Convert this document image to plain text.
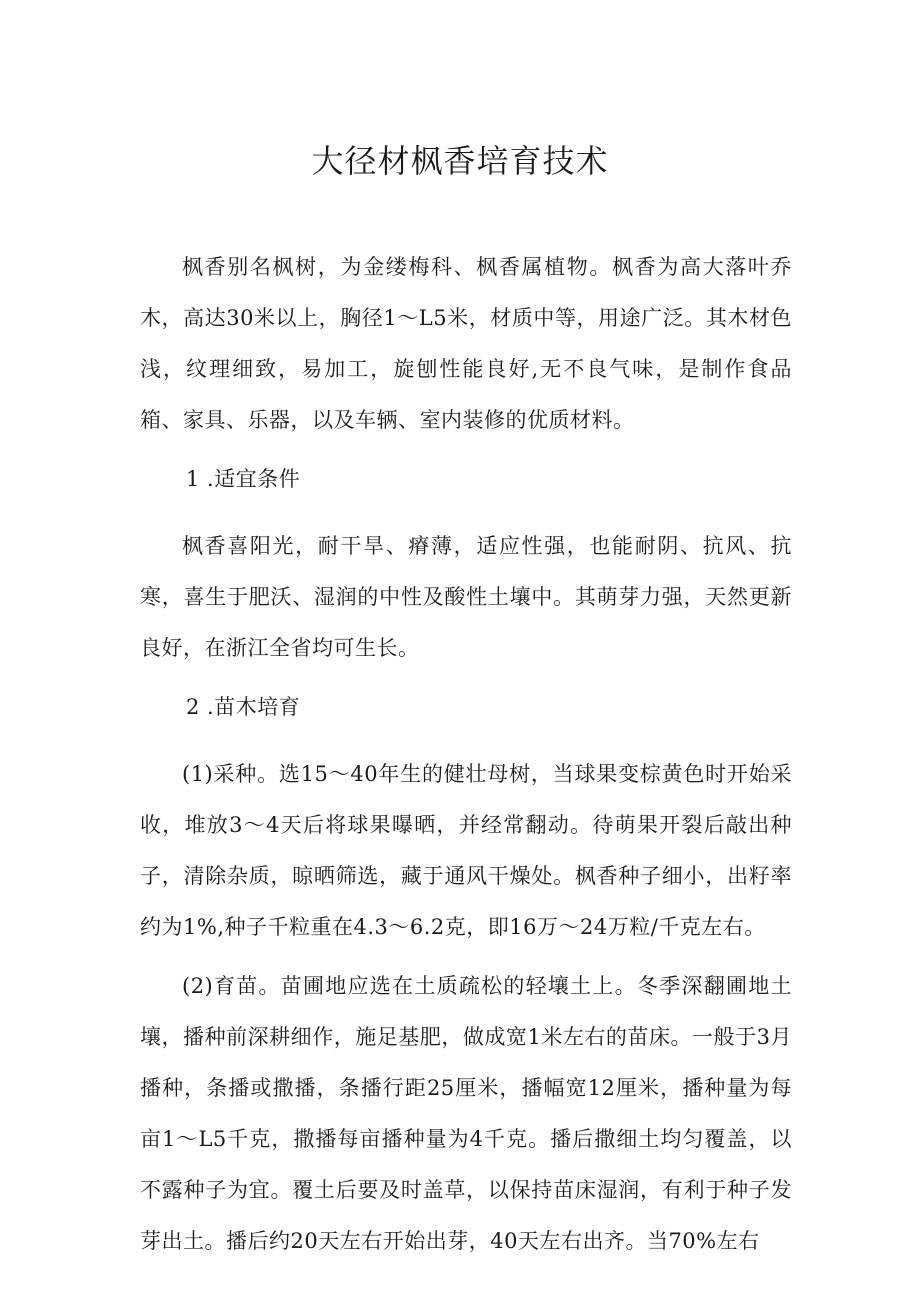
大径材枫香培育技术

枫香别名枫树，为金缕梅科、枫香属植物。枫香为高大落叶乔木，高达30米以上，胸径1～L5米，材质中等，用途广泛。其木材色浅，纹理细致，易加工，旋刨性能良好,无不良气味，是制作食品箱、家具、乐器，以及车辆、室内装修的优质材料。

1 .适宜条件

枫香喜阳光，耐干旱、瘠薄，适应性强，也能耐阴、抗风、抗寒，喜生于肥沃、湿润的中性及酸性土壤中。其萌芽力强，天然更新良好，在浙江全省均可生长。

2 .苗木培育

(1)采种。选15～40年生的健壮母树，当球果变棕黄色时开始采收，堆放3～4天后将球果曝晒，并经常翻动。待萌果开裂后敲出种子，清除杂质，晾晒筛选，藏于通风干燥处。枫香种子细小，出籽率约为1%,种子千粒重在4.3～6.2克，即16万～24万粒/千克左右。

(2)育苗。苗圃地应选在土质疏松的轻壤土上。冬季深翻圃地土壤，播种前深耕细作，施足基肥，做成宽1米左右的苗床。一般于3月播种，条播或撒播，条播行距25厘米，播幅宽12厘米，播种量为每亩1～L5千克，撒播每亩播种量为4千克。播后撒细土均匀覆盖，以不露种子为宜。覆土后要及时盖草，以保持苗床湿润，有利于种子发芽出土。播后约20天左右开始出芽，40天左右出齐。当70%左右
